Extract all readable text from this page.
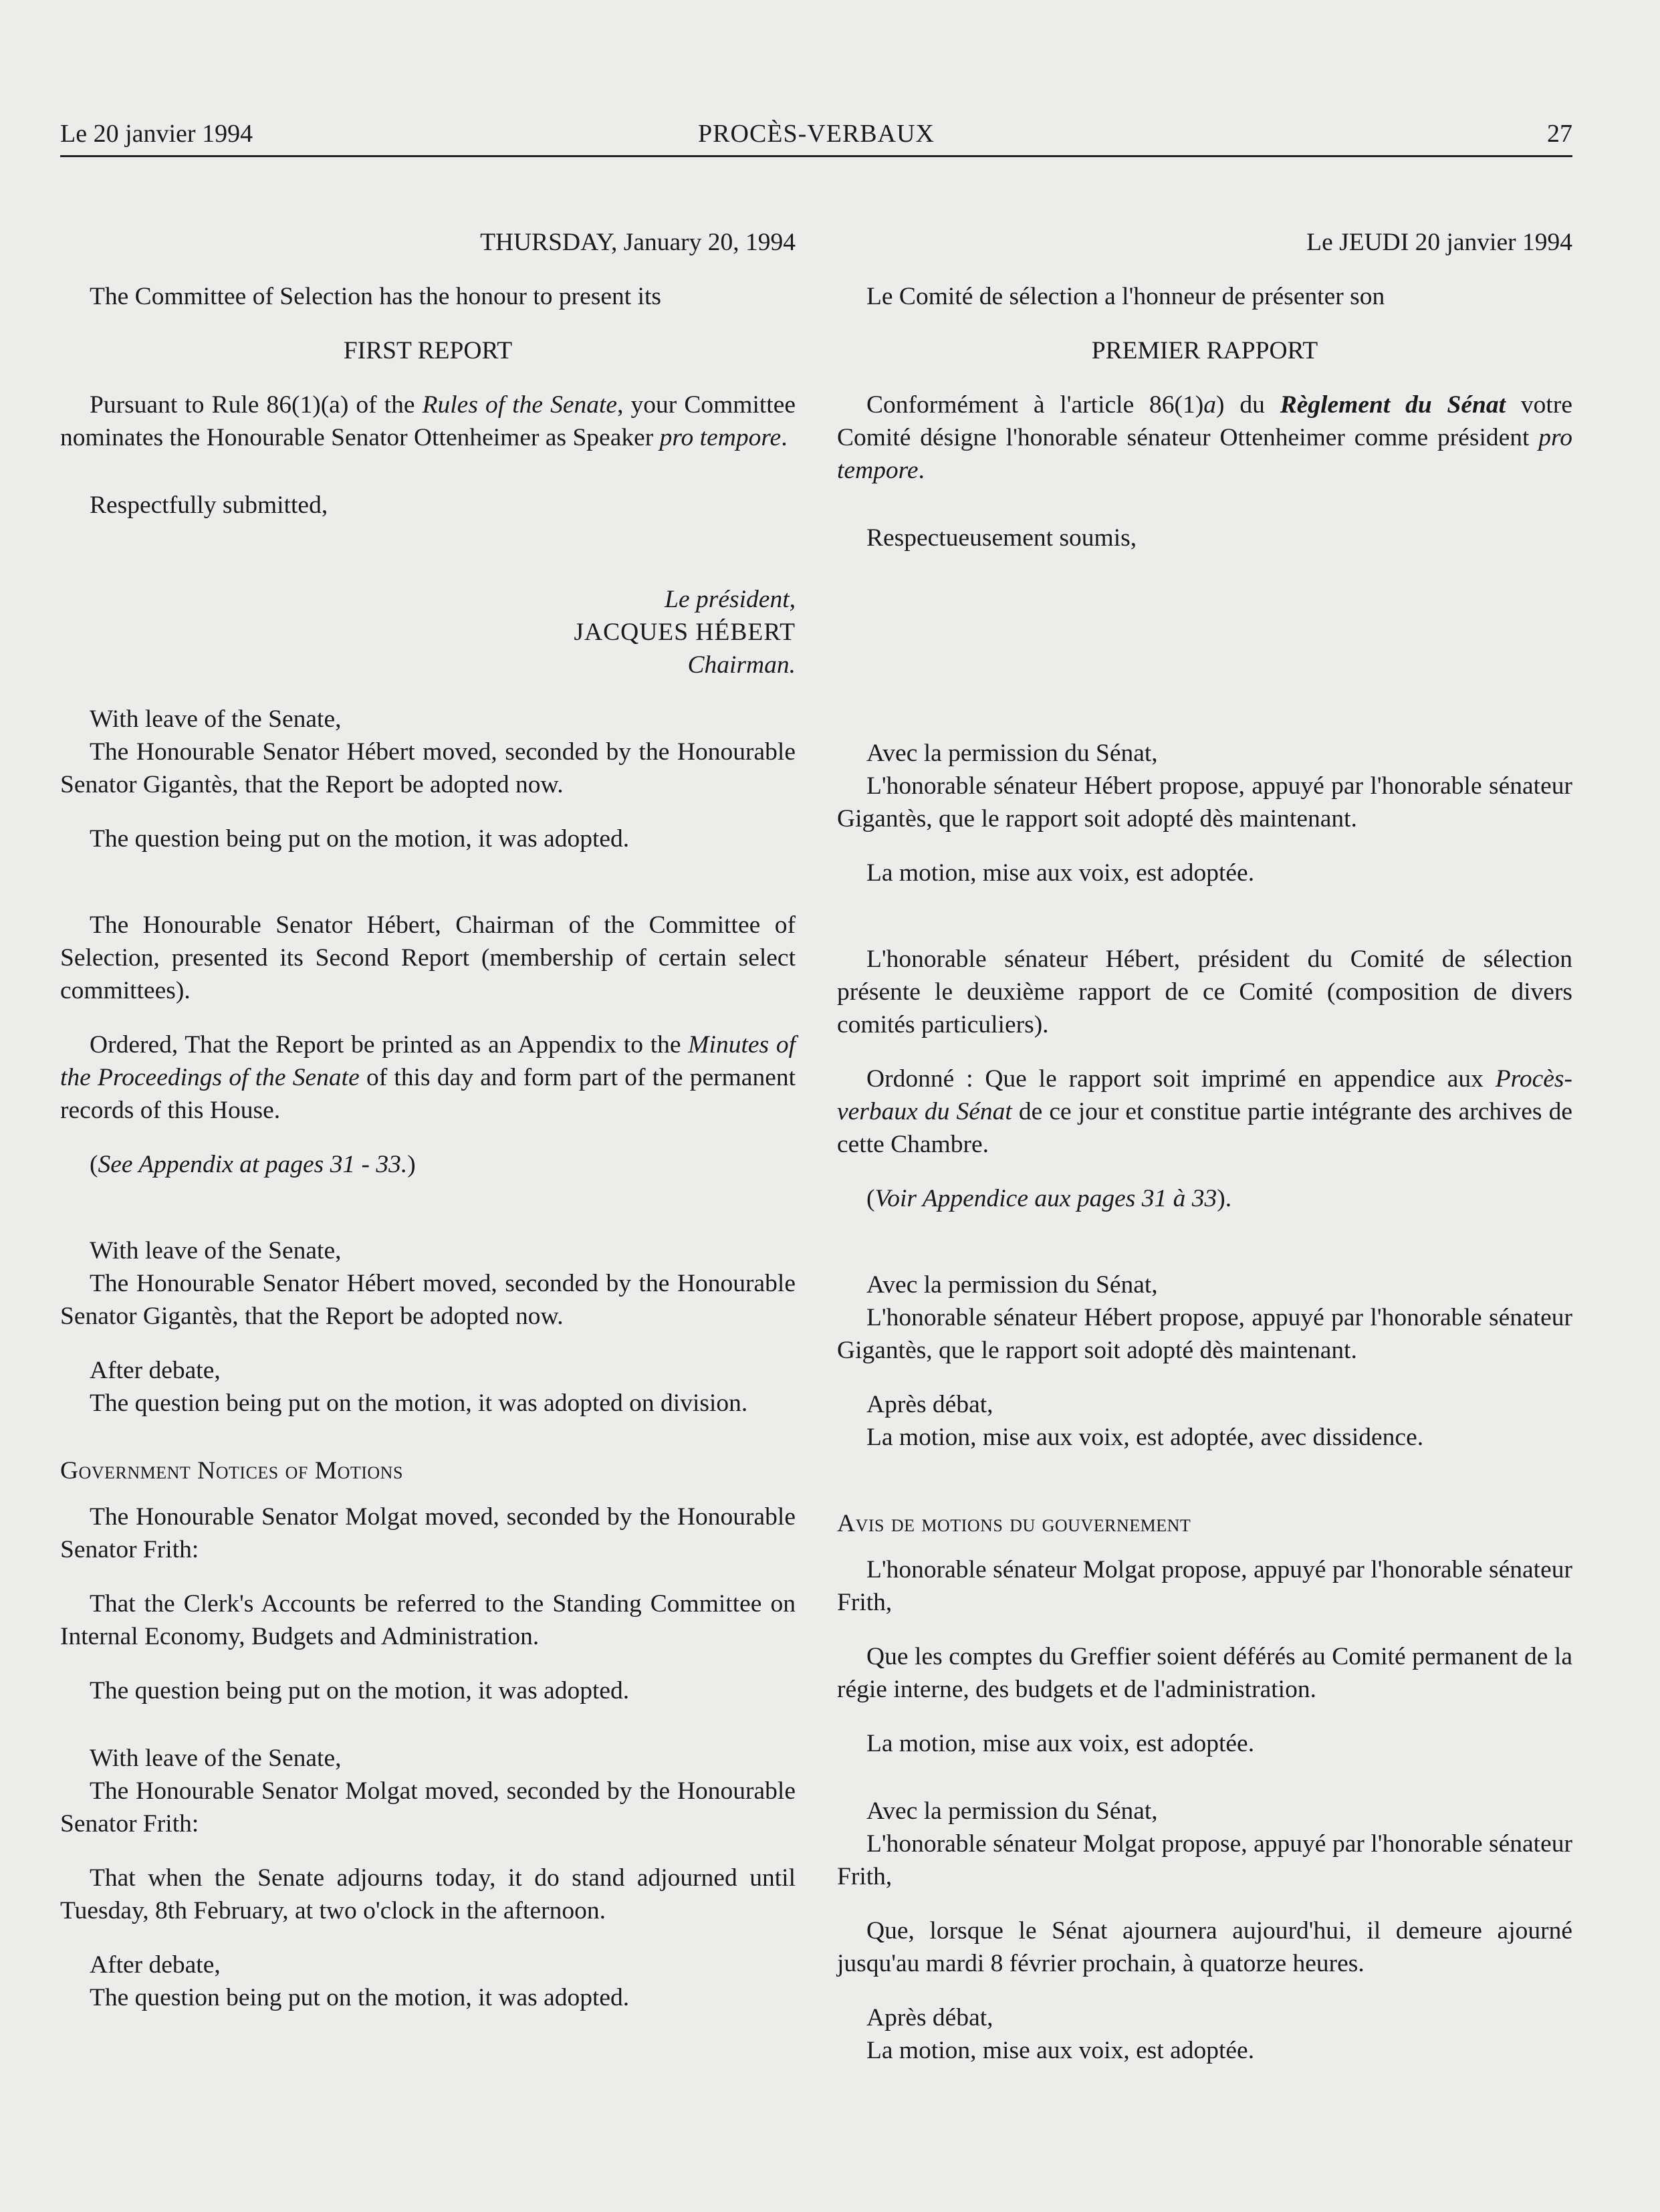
Le 20 janvier 1994	PROCÈS-VERBAUX	27

THURSDAY, January 20, 1994

The Committee of Selection has the honour to present its

FIRST REPORT

Pursuant to Rule 86(1)(a) of the Rules of the Senate, your Committee nominates the Honourable Senator Ottenheimer as Speaker pro tempore.

Respectfully submitted,

Le président,

JACQUES HÉBERT

Chairman.

With leave of the Senate,

The Honourable Senator Hébert moved, seconded by the Honourable Senator Gigantès, that the Report be adopted now.

The question being put on the motion, it was adopted.

The Honourable Senator Hébert, Chairman of the Committee of Selection, presented its Second Report (membership of certain select committees).

Ordered, That the Report be printed as an Appendix to the Minutes of the Proceedings of the Senate of this day and form part of the permanent records of this House.

(See Appendix at pages 31 - 33.)

With leave of the Senate,

The Honourable Senator Hébert moved, seconded by the Honourable Senator Gigantès, that the Report be adopted now.

After debate,

The question being put on the motion, it was adopted on division.

Government Notices of Motions

The Honourable Senator Molgat moved, seconded by the Honourable Senator Frith:

That the Clerk's Accounts be referred to the Standing Committee on Internal Economy, Budgets and Administration.

The question being put on the motion, it was adopted.

With leave of the Senate,

The Honourable Senator Molgat moved, seconded by the Honourable Senator Frith:

That when the Senate adjourns today, it do stand adjourned until Tuesday, 8th February, at two o'clock in the afternoon.

After debate,

The question being put on the motion, it was adopted.

Le JEUDI 20 janvier 1994

Le Comité de sélection a l'honneur de présenter son

PREMIER RAPPORT

Conformément à l'article 86(1)a) du Règlement du Sénat votre Comité désigne l'honorable sénateur Ottenheimer comme président pro tempore.

Respectueusement soumis,

Avec la permission du Sénat,

L'honorable sénateur Hébert propose, appuyé par l'honorable sénateur Gigantès, que le rapport soit adopté dès maintenant.

La motion, mise aux voix, est adoptée.

L'honorable sénateur Hébert, président du Comité de sélection présente le deuxième rapport de ce Comité (composition de divers comités particuliers).

Ordonné : Que le rapport soit imprimé en appendice aux Procès-verbaux du Sénat de ce jour et constitue partie intégrante des archives de cette Chambre.

(Voir Appendice aux pages 31 à 33).

Avec la permission du Sénat,

L'honorable sénateur Hébert propose, appuyé par l'honorable sénateur Gigantès, que le rapport soit adopté dès maintenant.

Après débat,

La motion, mise aux voix, est adoptée, avec dissidence.

Avis de motions du gouvernement

L'honorable sénateur Molgat propose, appuyé par l'honorable sénateur Frith,

Que les comptes du Greffier soient déférés au Comité permanent de la régie interne, des budgets et de l'administration.

La motion, mise aux voix, est adoptée.

Avec la permission du Sénat,

L'honorable sénateur Molgat propose, appuyé par l'honorable sénateur Frith,

Que, lorsque le Sénat ajournera aujourd'hui, il demeure ajourné jusqu'au mardi 8 février prochain, à quatorze heures.

Après débat,

La motion, mise aux voix, est adoptée.
